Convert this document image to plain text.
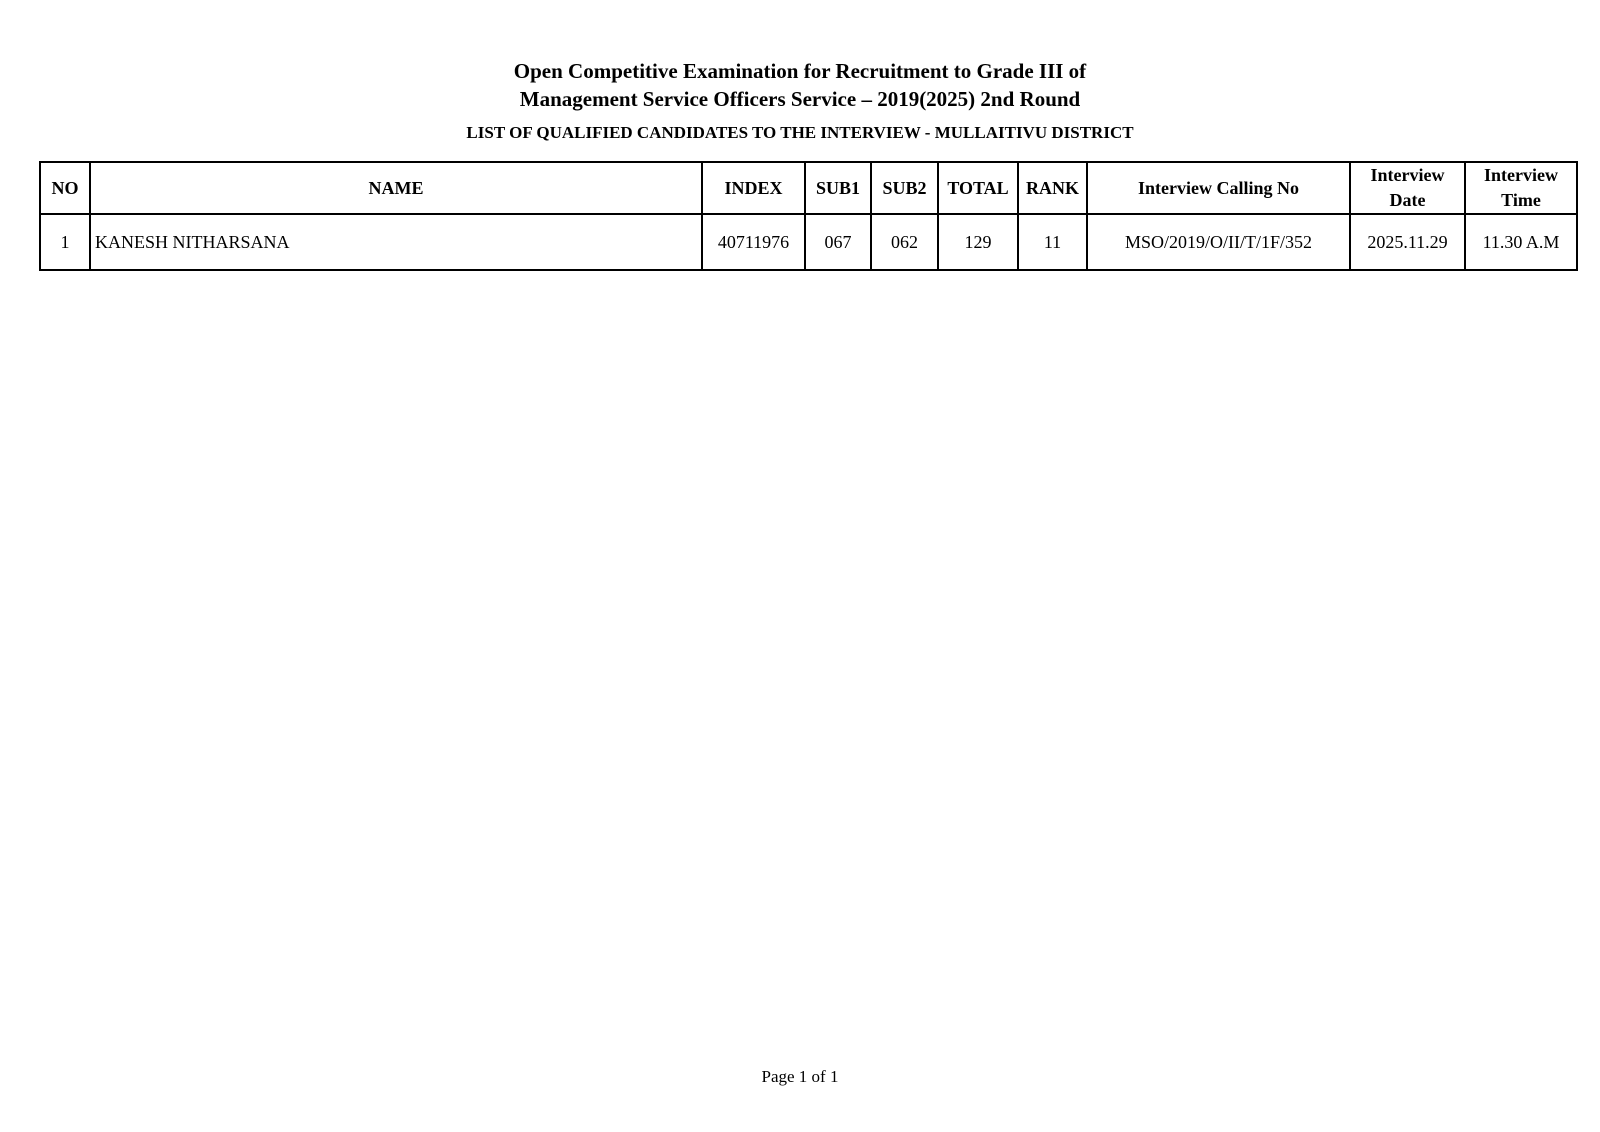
Open Competitive Examination for Recruitment to Grade III of
Management Service Officers Service – 2019(2025) 2nd Round
LIST OF QUALIFIED CANDIDATES TO THE INTERVIEW - MULLAITIVU DISTRICT
NO	NAME	INDEX	SUB1	SUB2	TOTAL	RANK	Interview Calling No	Interview Date	Interview Time
1	KANESH NITHARSANA	40711976	067	062	129	11	MSO/2019/O/II/T/1F/352	2025.11.29	11.30 A.M
Page 1 of 1
